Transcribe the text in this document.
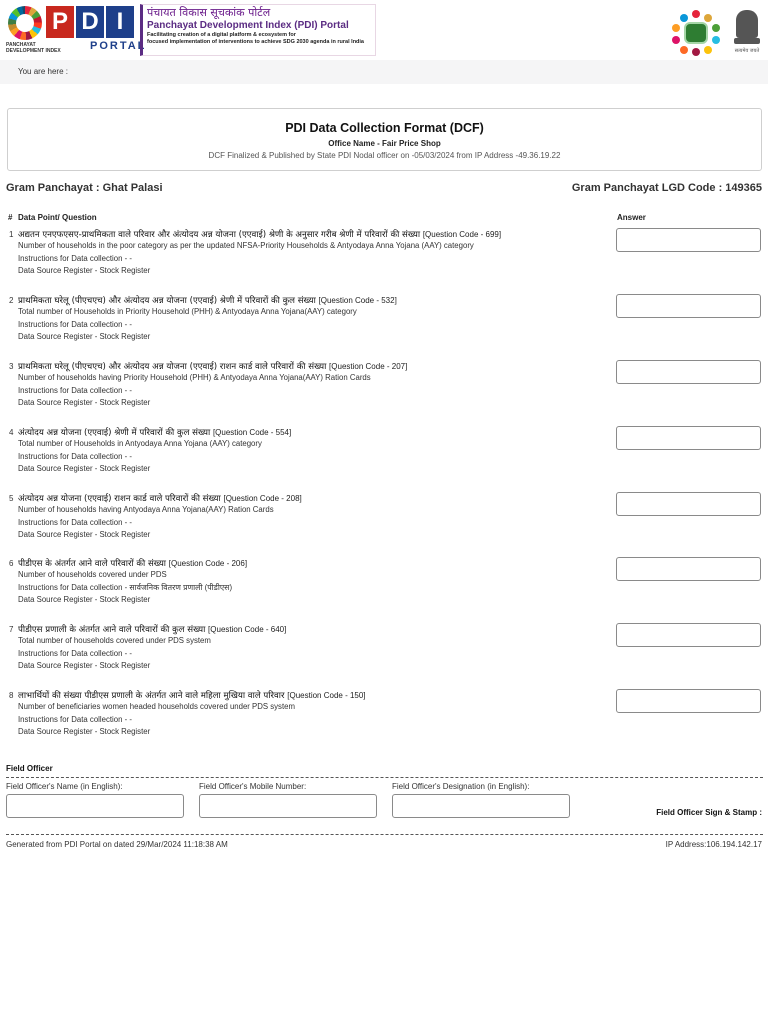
P D I
PANCHAYAT DEVELOPMENT INDEX	PORTAL
पंचायत विकास सूचकांक पोर्टल
Panchayat Development Index (PDI) Portal
Facilitating creation of a digital platform & ecosystem for
focused implementation of interventions to achieve SDG 2030 agenda in rural India
सत्यमेव जयते
You are here :
PDI Data Collection Format (DCF)
Office Name - Fair Price Shop
DCF Finalized & Published by State PDI Nodal officer on -05/03/2024 from IP Address -49.36.19.22
Gram Panchayat : Ghat Palasi	Gram Panchayat LGD Code : 149365
# Data Point/ Question	Answer
1 अद्यतन एनएफएसए-प्राथमिकता वाले परिवार और अंत्योदय अन्न योजना (एएवाई) श्रेणी के अनुसार गरीब श्रेणी में परिवारों की संख्या [Question Code - 699]
Number of households in the poor category as per the updated NFSA-Priority Households & Antyodaya Anna Yojana (AAY) category
Instructions for Data collection - -
Data Source Register - Stock Register
2 प्राथमिकता घरेलू (पीएचएच) और अंत्योदय अन्न योजना (एएवाई) श्रेणी में परिवारों की कुल संख्या [Question Code - 532]
Total number of Households in Priority Household (PHH) & Antyodaya Anna Yojana(AAY) category
Instructions for Data collection - -
Data Source Register - Stock Register
3 प्राथमिकता घरेलू (पीएचएच) और अंत्योदय अन्न योजना (एएवाई) राशन कार्ड वाले परिवारों की संख्या [Question Code - 207]
Number of households having Priority Household (PHH) & Antyodaya Anna Yojana(AAY) Ration Cards
Instructions for Data collection - -
Data Source Register - Stock Register
4 अंत्योदय अन्न योजना (एएवाई) श्रेणी में परिवारों की कुल संख्या [Question Code - 554]
Total number of Households in Antyodaya Anna Yojana (AAY) category
Instructions for Data collection - -
Data Source Register - Stock Register
5 अंत्योदय अन्न योजना (एएवाई) राशन कार्ड वाले परिवारों की संख्या [Question Code - 208]
Number of households having Antyodaya Anna Yojana(AAY) Ration Cards
Instructions for Data collection - -
Data Source Register - Stock Register
6 पीडीएस के अंतर्गत आने वाले परिवारों की संख्या [Question Code - 206]
Number of households covered under PDS
Instructions for Data collection - सार्वजनिक वितरण प्रणाली (पीडीएस)
Data Source Register - Stock Register
7 पीडीएस प्रणाली के अंतर्गत आने वाले परिवारों की कुल संख्या [Question Code - 640]
Total number of households covered under PDS system
Instructions for Data collection - -
Data Source Register - Stock Register
8 लाभार्थियों की संख्या पीडीएस प्रणाली के अंतर्गत आने वाले महिला मुखिया वाले परिवार [Question Code - 150]
Number of beneficiaries women headed households covered under PDS system
Instructions for Data collection - -
Data Source Register - Stock Register
Field Officer
Field Officer's Name (in English):	Field Officer's Mobile Number:	Field Officer's Designation (in English):
Field Officer Sign & Stamp :
Generated from PDI Portal on dated 29/Mar/2024 11:18:38 AM	IP Address:106.194.142.17
